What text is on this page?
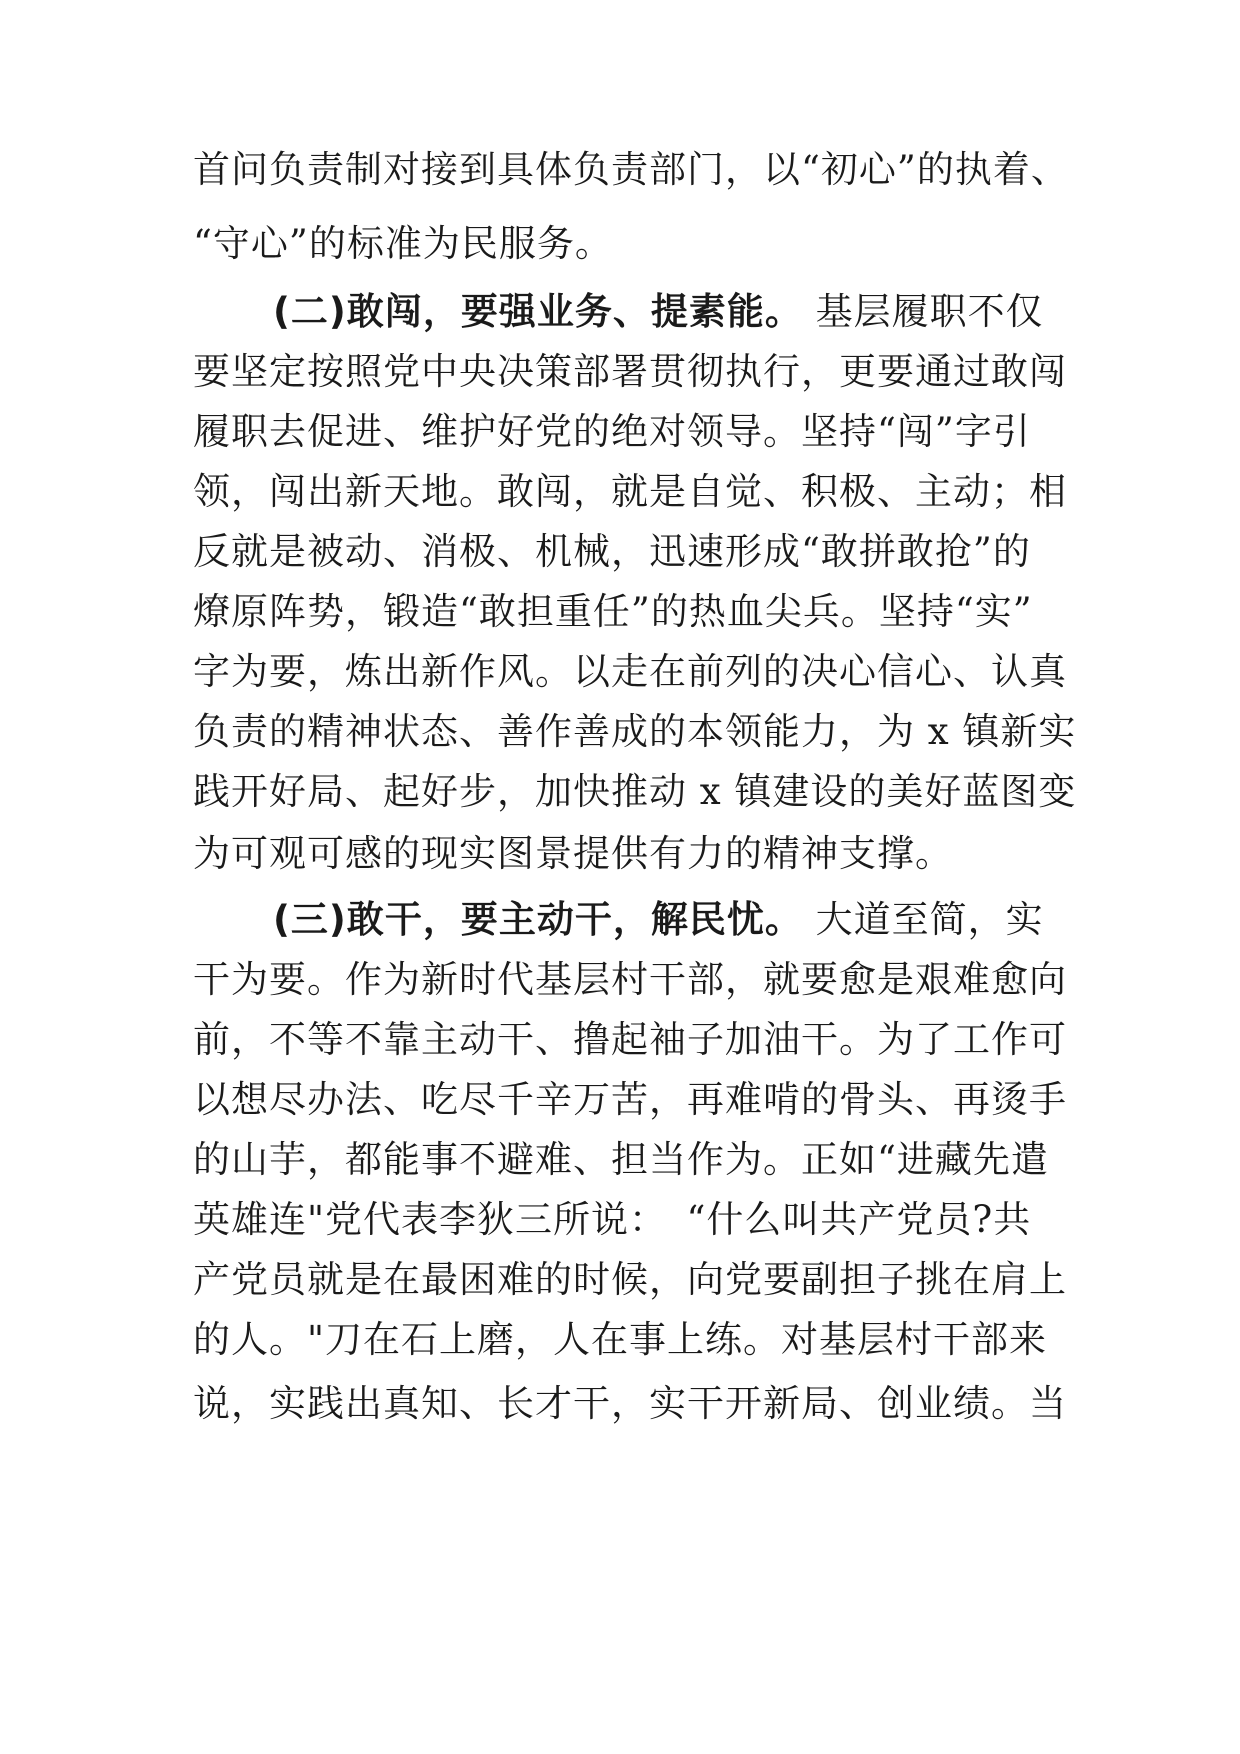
首问负责制对接到具体负责部门，以“初心”的执着、
“守心”的标准为民服务。
(二)敢闯，要强业务、提素能。 基层履职不仅
要坚定按照党中央决策部署贯彻执行，更要通过敢闯
履职去促进、维护好党的绝对领导。坚持“闯”字引
领，闯出新天地。敢闯，就是自觉、积极、主动；相
反就是被动、消极、机械，迅速形成“敢拼敢抢”的
燎原阵势，锻造“敢担重任”的热血尖兵。坚持“实”
字为要，炼出新作风。以走在前列的决心信心、认真
负责的精神状态、善作善成的本领能力，为 x 镇新实
践开好局、起好步，加快推动 x 镇建设的美好蓝图变
为可观可感的现实图景提供有力的精神支撑。
(三)敢干，要主动干，解民忧。 大道至简，实
干为要。作为新时代基层村干部，就要愈是艰难愈向
前，不等不靠主动干、撸起袖子加油干。为了工作可
以想尽办法、吃尽千辛万苦，再难啃的骨头、再烫手
的山芋，都能事不避难、担当作为。正如“进藏先遣
英雄连"党代表李狄三所说：　“什么叫共产党员?共
产党员就是在最困难的时候，向党要副担子挑在肩上
的人。"刀在石上磨，人在事上练。对基层村干部来
说，实践出真知、长才干，实干开新局、创业绩。当
